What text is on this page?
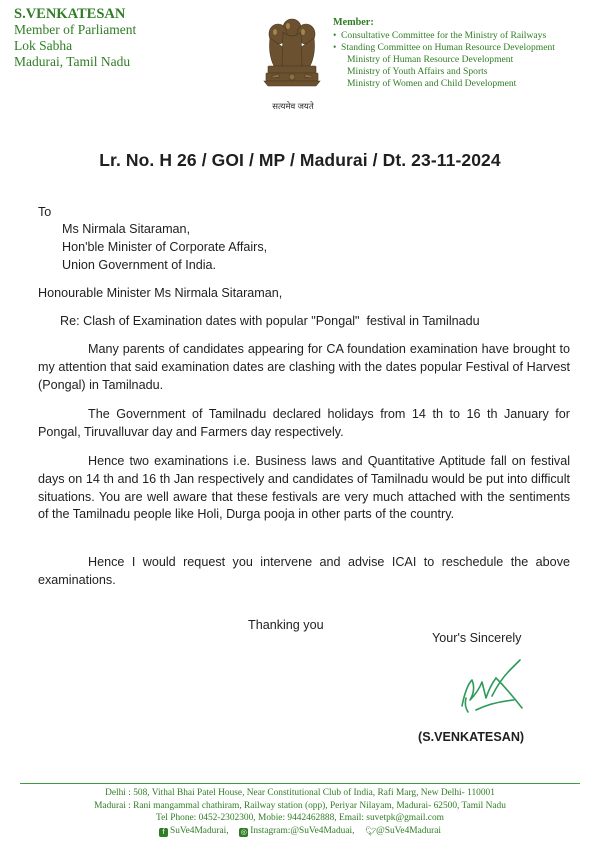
S.VENKATESAN
Member of Parliament
Lok Sabha
Madurai, Tamil Nadu
सत्यमेव जयते
Member:
• Consultative Committee for the Ministry of Railways
• Standing Committee on Human Resource Development
Ministry of Human Resource Development
Ministry of Youth Affairs and Sports
Ministry of Women and Child Development
Lr. No. H 26 / GOI / MP / Madurai / Dt. 23-11-2024
To
Ms Nirmala Sitaraman,
Hon'ble Minister of Corporate Affairs,
Union Government of India.
Honourable Minister Ms Nirmala Sitaraman,
Re: Clash of Examination dates with popular "Pongal"  festival in Tamilnadu
Many parents of candidates appearing for CA foundation examination have brought to my attention that said examination dates are clashing with the dates popular Festival of Harvest (Pongal) in Tamilnadu.
The Government of Tamilnadu declared holidays from 14 th to 16 th January for Pongal, Tiruvalluvar day and Farmers day respectively.
Hence two examinations i.e. Business laws and Quantitative Aptitude fall on festival days on 14 th and 16 th Jan respectively and candidates of Tamilnadu would be put into difficult situations. You are well aware that these festivals are very much attached with the sentiments of the Tamilnadu people like Holi, Durga pooja in other parts of the country.
Hence I would request you intervene and advise ICAI to reschedule the above examinations.
Thanking you
Your's Sincerely
(S.VENKATESAN)
Delhi : 508, Vithal Bhai Patel House, Near Constitutional Club of India, Rafi Marg, New Delhi- 110001
Madurai : Rani mangammal chathiram, Railway station (opp), Periyar Nilayam, Madurai- 62500, Tamil Nadu
Tel Phone: 0452-2302300, Mobie: 9442462888, Email: suvetpk@gmail.com
f SuVe4Madurai, ◎ Instagram:@SuVe4Maduai, 🐦︎@SuVe4Madurai
